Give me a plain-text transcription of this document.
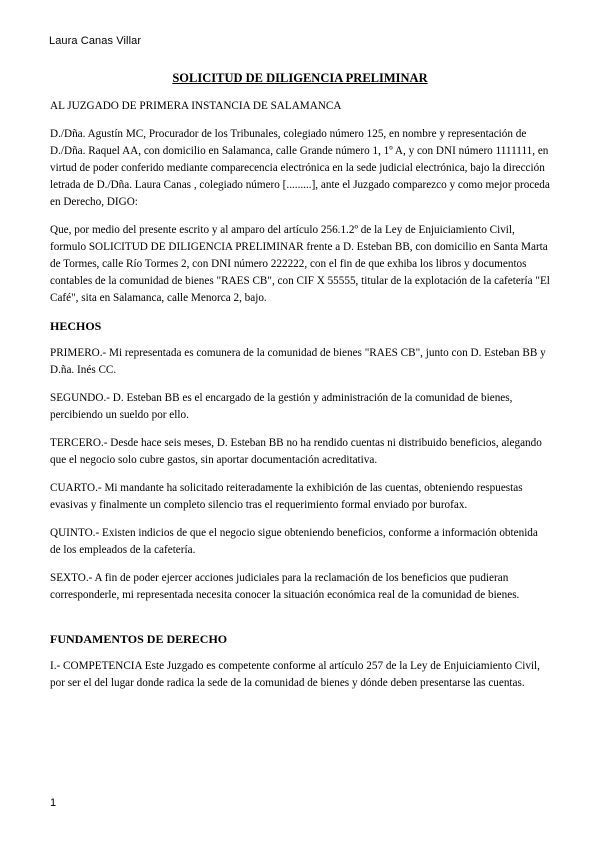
Laura Canas Villar
SOLICITUD DE DILIGENCIA PRELIMINAR

AL JUZGADO DE PRIMERA INSTANCIA DE SALAMANCA

D./Dña. Agustín MC, Procurador de los Tribunales, colegiado número 125, en nombre y representación de D./Dña. Raquel AA, con domicilio en Salamanca, calle Grande número 1, 1º A, y con DNI número 1111111, en virtud de poder conferido mediante comparecencia electrónica en la sede judicial electrónica, bajo la dirección letrada de D./Dña. Laura Canas , colegiado número [.........], ante el Juzgado comparezco y como mejor proceda en Derecho, DIGO:

Que, por medio del presente escrito y al amparo del artículo 256.1.2º de la Ley de Enjuiciamiento Civil, formulo SOLICITUD DE DILIGENCIA PRELIMINAR frente a D. Esteban BB, con domicilio en Santa Marta de Tormes, calle Río Tormes 2, con DNI número 222222, con el fin de que exhiba los libros y documentos contables de la comunidad de bienes "RAES CB", con CIF X 55555, titular de la explotación de la cafetería "El Café", sita en Salamanca, calle Menorca 2, bajo.

HECHOS

PRIMERO.- Mi representada es comunera de la comunidad de bienes "RAES CB", junto con D. Esteban BB y D.ña. Inés CC.

SEGUNDO.- D. Esteban BB es el encargado de la gestión y administración de la comunidad de bienes, percibiendo un sueldo por ello.

TERCERO.- Desde hace seis meses, D. Esteban BB no ha rendido cuentas ni distribuido beneficios, alegando que el negocio solo cubre gastos, sin aportar documentación acreditativa.

CUARTO.- Mi mandante ha solicitado reiteradamente la exhibición de las cuentas, obteniendo respuestas evasivas y finalmente un completo silencio tras el requerimiento formal enviado por burofax.

QUINTO.- Existen indicios de que el negocio sigue obteniendo beneficios, conforme a información obtenida de los empleados de la cafetería.

SEXTO.- A fin de poder ejercer acciones judiciales para la reclamación de los beneficios que pudieran corresponderle, mi representada necesita conocer la situación económica real de la comunidad de bienes.

FUNDAMENTOS DE DERECHO

I.- COMPETENCIA Este Juzgado es competente conforme al artículo 257 de la Ley de Enjuiciamiento Civil, por ser el del lugar donde radica la sede de la comunidad de bienes y dónde deben presentarse las cuentas.

1
